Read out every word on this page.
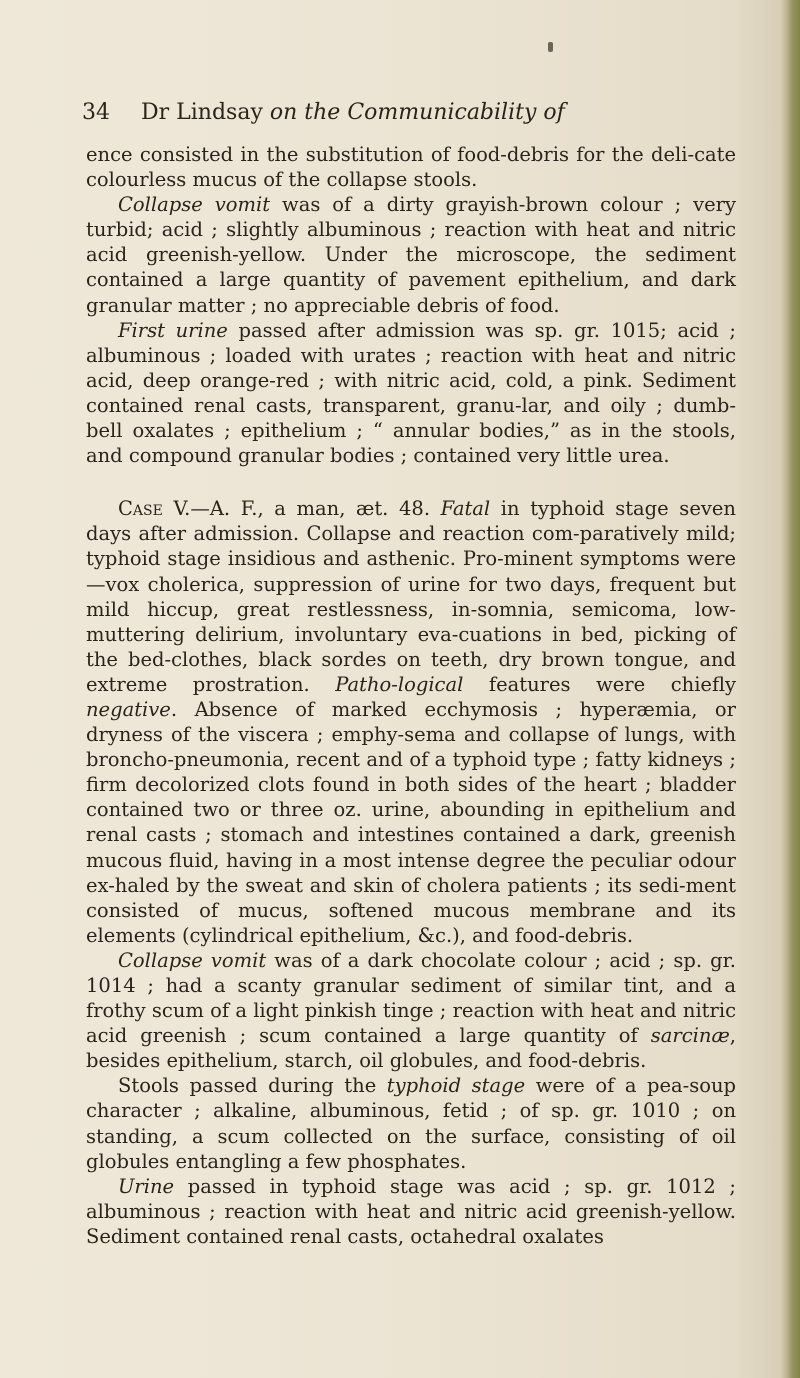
34 Dr Lindsay on the Communicability of

ence consisted in the substitution of food-debris for the deli-cate colourless mucus of the collapse stools.

Collapse vomit was of a dirty grayish-brown colour ; very turbid; acid ; slightly albuminous ; reaction with heat and nitric acid greenish-yellow. Under the microscope, the sediment contained a large quantity of pavement epithelium, and dark granular matter ; no appreciable debris of food.

First urine passed after admission was sp. gr. 1015; acid ; albuminous ; loaded with urates ; reaction with heat and nitric acid, deep orange-red ; with nitric acid, cold, a pink. Sediment contained renal casts, transparent, granu-lar, and oily ; dumb-bell oxalates ; epithelium ; “ annular bodies,” as in the stools, and compound granular bodies ; contained very little urea.

Case V.—A. F., a man, æt. 48. Fatal in typhoid stage seven days after admission. Collapse and reaction com-paratively mild; typhoid stage insidious and asthenic. Pro-minent symptoms were—vox cholerica, suppression of urine for two days, frequent but mild hiccup, great restlessness, in-somnia, semicoma, low-muttering delirium, involuntary eva-cuations in bed, picking of the bed-clothes, black sordes on teeth, dry brown tongue, and extreme prostration. Patho-logical features were chiefly negative. Absence of marked ecchymosis ; hyperæmia, or dryness of the viscera ; emphy-sema and collapse of lungs, with broncho-pneumonia, recent and of a typhoid type ; fatty kidneys ; firm decolorized clots found in both sides of the heart ; bladder contained two or three oz. urine, abounding in epithelium and renal casts ; stomach and intestines contained a dark, greenish mucous fluid, having in a most intense degree the peculiar odour ex-haled by the sweat and skin of cholera patients ; its sedi-ment consisted of mucus, softened mucous membrane and its elements (cylindrical epithelium, &c.), and food-debris.

Collapse vomit was of a dark chocolate colour ; acid ; sp. gr. 1014 ; had a scanty granular sediment of similar tint, and a frothy scum of a light pinkish tinge ; reaction with heat and nitric acid greenish ; scum contained a large quantity of sarcinæ, besides epithelium, starch, oil globules, and food-debris.

Stools passed during the typhoid stage were of a pea-soup character ; alkaline, albuminous, fetid ; of sp. gr. 1010 ; on standing, a scum collected on the surface, consisting of oil globules entangling a few phosphates.

Urine passed in typhoid stage was acid ; sp. gr. 1012 ; albuminous ; reaction with heat and nitric acid greenish-yellow. Sediment contained renal casts, octahedral oxalates
